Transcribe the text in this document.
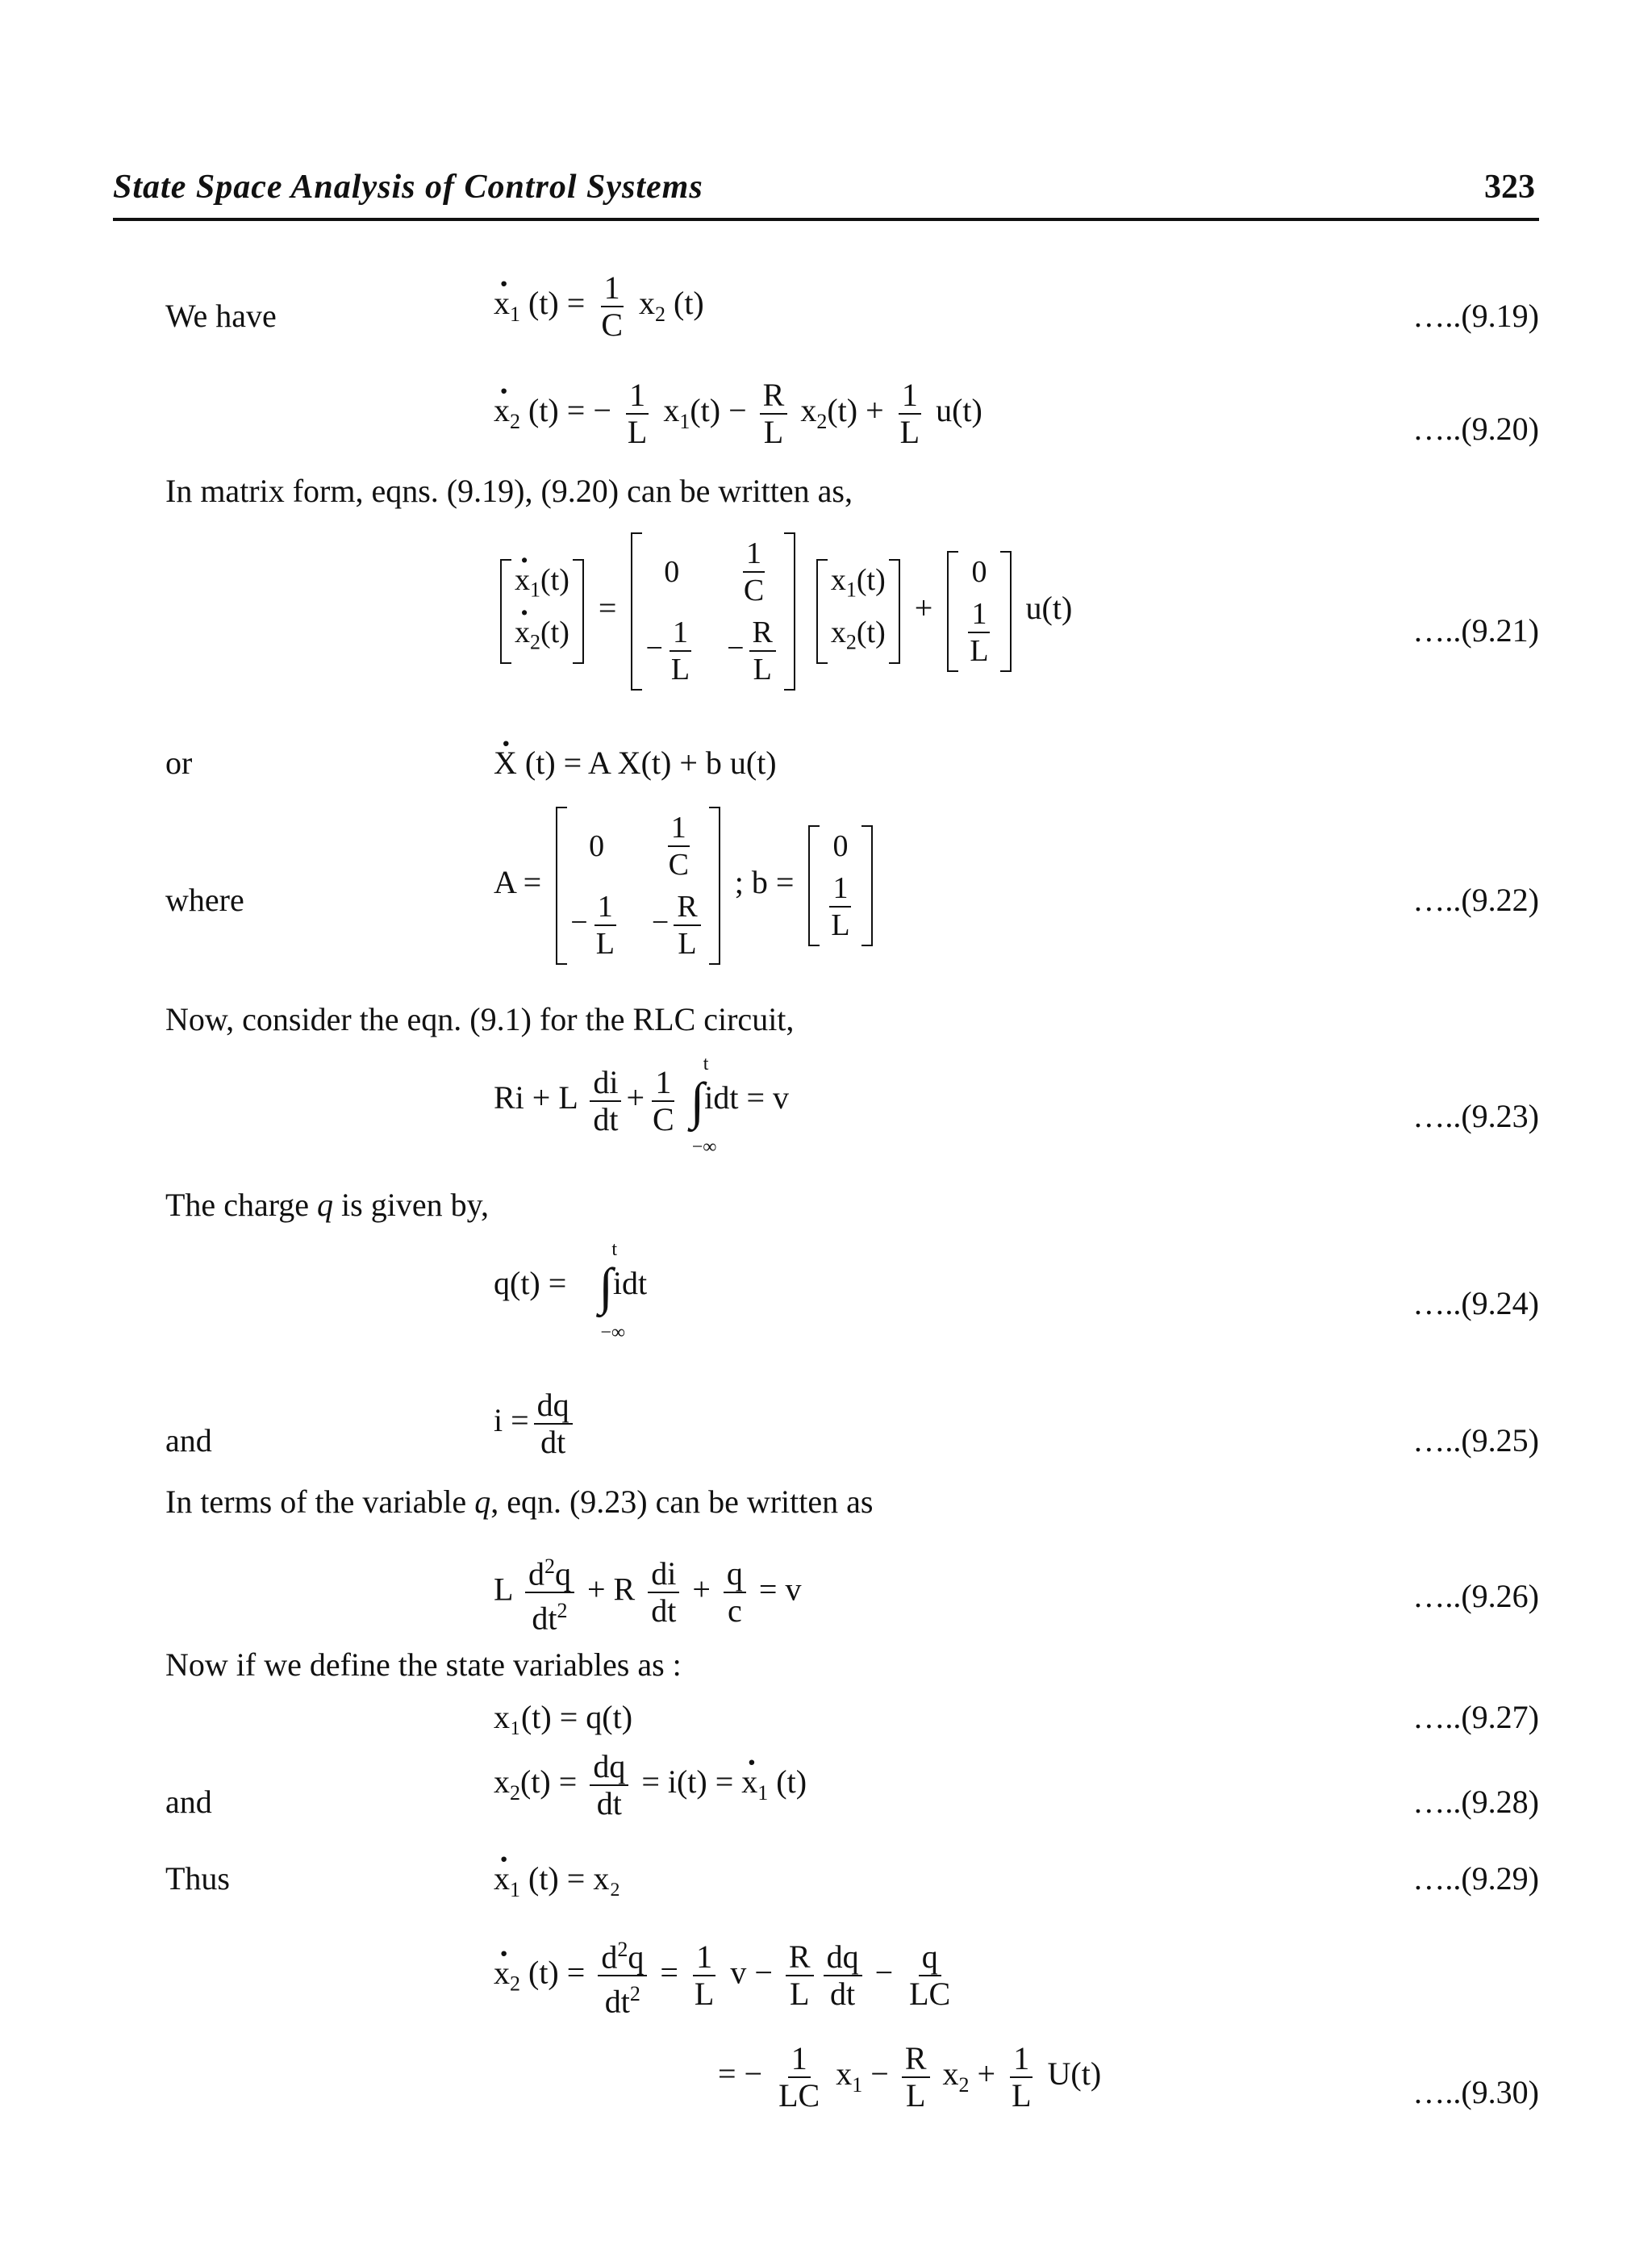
State Space Analysis of Control Systems	323
We have	· $x_1$ $(t) = \frac{1}{C} x_2$ (t)	…..(9.19)
· $x_2$ (t) = − $\frac{1}{L} x_1(t) - \frac{R}{L} x_2(t) + \frac{1}{L} u(t)$
…..(9.20)
In matrix form, eqns. (9.19), (9.20) can be written as,
· $x_1(t)$
· $x_2(t)$
=
0	$\frac{1}{C}$

− $\frac{1}{L}$	− $\frac{R}{L}$

$x_1(t)$
$x_2(t)$
+
0

$\frac{1}{L} u(t)$
…..(9.21)
or	· X (t) = A X(t) + b u(t)
where	A =
0	$\frac{1}{C}$

− $\frac{1}{L}$	− $\frac{R}{L}$
; b =
0

$\frac{1}{L}$	…..(9.22)
Now, consider the eqn. (9.1) for the RLC circuit,
Ri + L $\frac{di}{dt} + \frac{1}{C}$ ∫
t
−∞
idt = v
…..(9.23)
The charge q is given by,
q(t) = ∫
t
−∞
idt
…..(9.24)
and
$i = \frac{dq}{dt}$	…..(9.25)
In terms of the variable q, eqn. (9.23) can be written as
L $\frac{d^2q}{dt^2} + R \frac{di}{dt} + \frac{q}{c} = v$	…..(9.26)
Now if we define the state variables as :
x₁(t) = q(t)	…..(9.27)
and
$x_2(t) = \frac{dq}{dt} = i(t)$ = · $x_1$ (t)
…..(9.28)
Thus	· $x_1$ (t) = x₂	…..(9.29)
· $x_2$ $(t) = \frac{d^2q}{dt^2} = \frac{1}{L}$ $v - \frac{R}{L} \frac{dq}{dt} - \frac{q}{LC}$
= − $\frac{1}{LC} x_1 - \frac{R}{L} x_2 + \frac{1}{L} U(t)$
…..(9.30)
